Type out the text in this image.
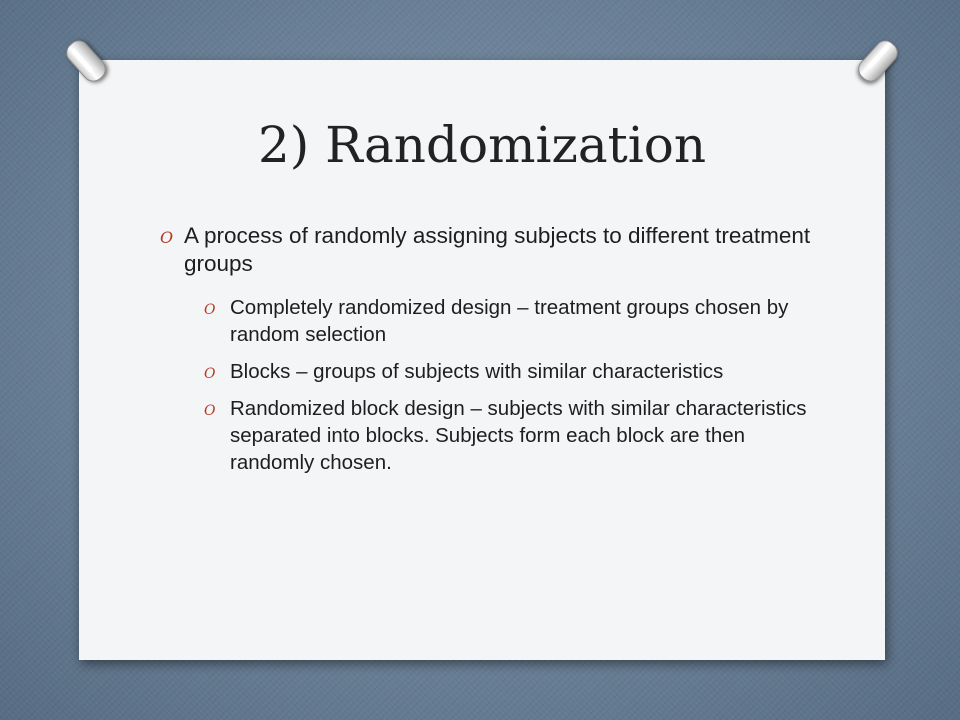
2) Randomization
O A process of randomly assigning subjects to different treatment groups
O Completely randomized design – treatment groups chosen by random selection
O Blocks – groups of subjects with similar characteristics
O Randomized block design – subjects with similar characteristics separated into blocks. Subjects form each block are then randomly chosen.
